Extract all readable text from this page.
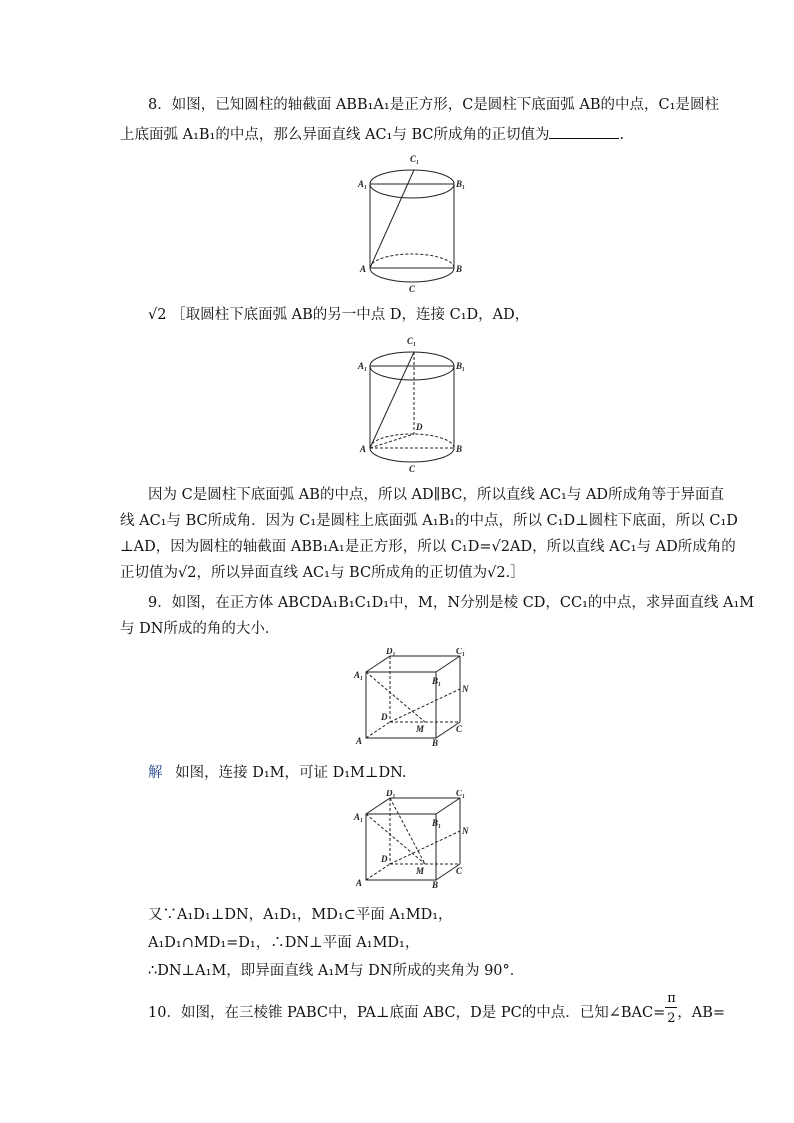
8．如图，已知圆柱的轴截面 ABB₁A₁是正方形，C是圆柱下底面弧 AB的中点，C₁是圆柱
上底面弧 A₁B₁的中点，那么异面直线 AC₁与 BC所成角的正切值为	.
C₁
A₁	B₁
A	B
C
√2 ［取圆柱下底面弧 AB的另一中点 D，连接 C₁D，AD，
C₁
A₁	B₁
D
A	B
C
因为 C是圆柱下底面弧 AB的中点，所以 AD∥BC，所以直线 AC₁与 AD所成角等于异面直
线 AC₁与 BC所成角．因为 C₁是圆柱上底面弧 A₁B₁的中点，所以 C₁D⊥圆柱下底面，所以 C₁D
⊥AD，因为圆柱的轴截面 ABB₁A₁是正方形，所以 C₁D=√2AD，所以直线 AC₁与 AD所成角的
正切值为√2，所以异面直线 AC₁与 BC所成角的正切值为√2.］
9．如图，在正方体 ABCDA₁B₁C₁D₁中，M，N分别是棱 CD，CC₁的中点，求异面直线 A₁M
与 DN所成的角的大小．
D₁	C₁
A₁
B₁
N
D
M	C
A	B
解 如图，连接 D₁M，可证 D₁M⊥DN.
D₁	C₁
A₁
B₁
N
D
M	C
A	B
又∵A₁D₁⊥DN，A₁D₁，MD₁⊂平面 A₁MD₁，
A₁D₁∩MD₁=D₁，∴DN⊥平面 A₁MD₁，
∴DN⊥A₁M，即异面直线 A₁M与 DN所成的夹角为 90°．
10．如图，在三棱锥 PABC中，PA⊥底面 ABC，D是 PC的中点．已知∠BAC= $\frac{\pi}{2}$ ，AB=
